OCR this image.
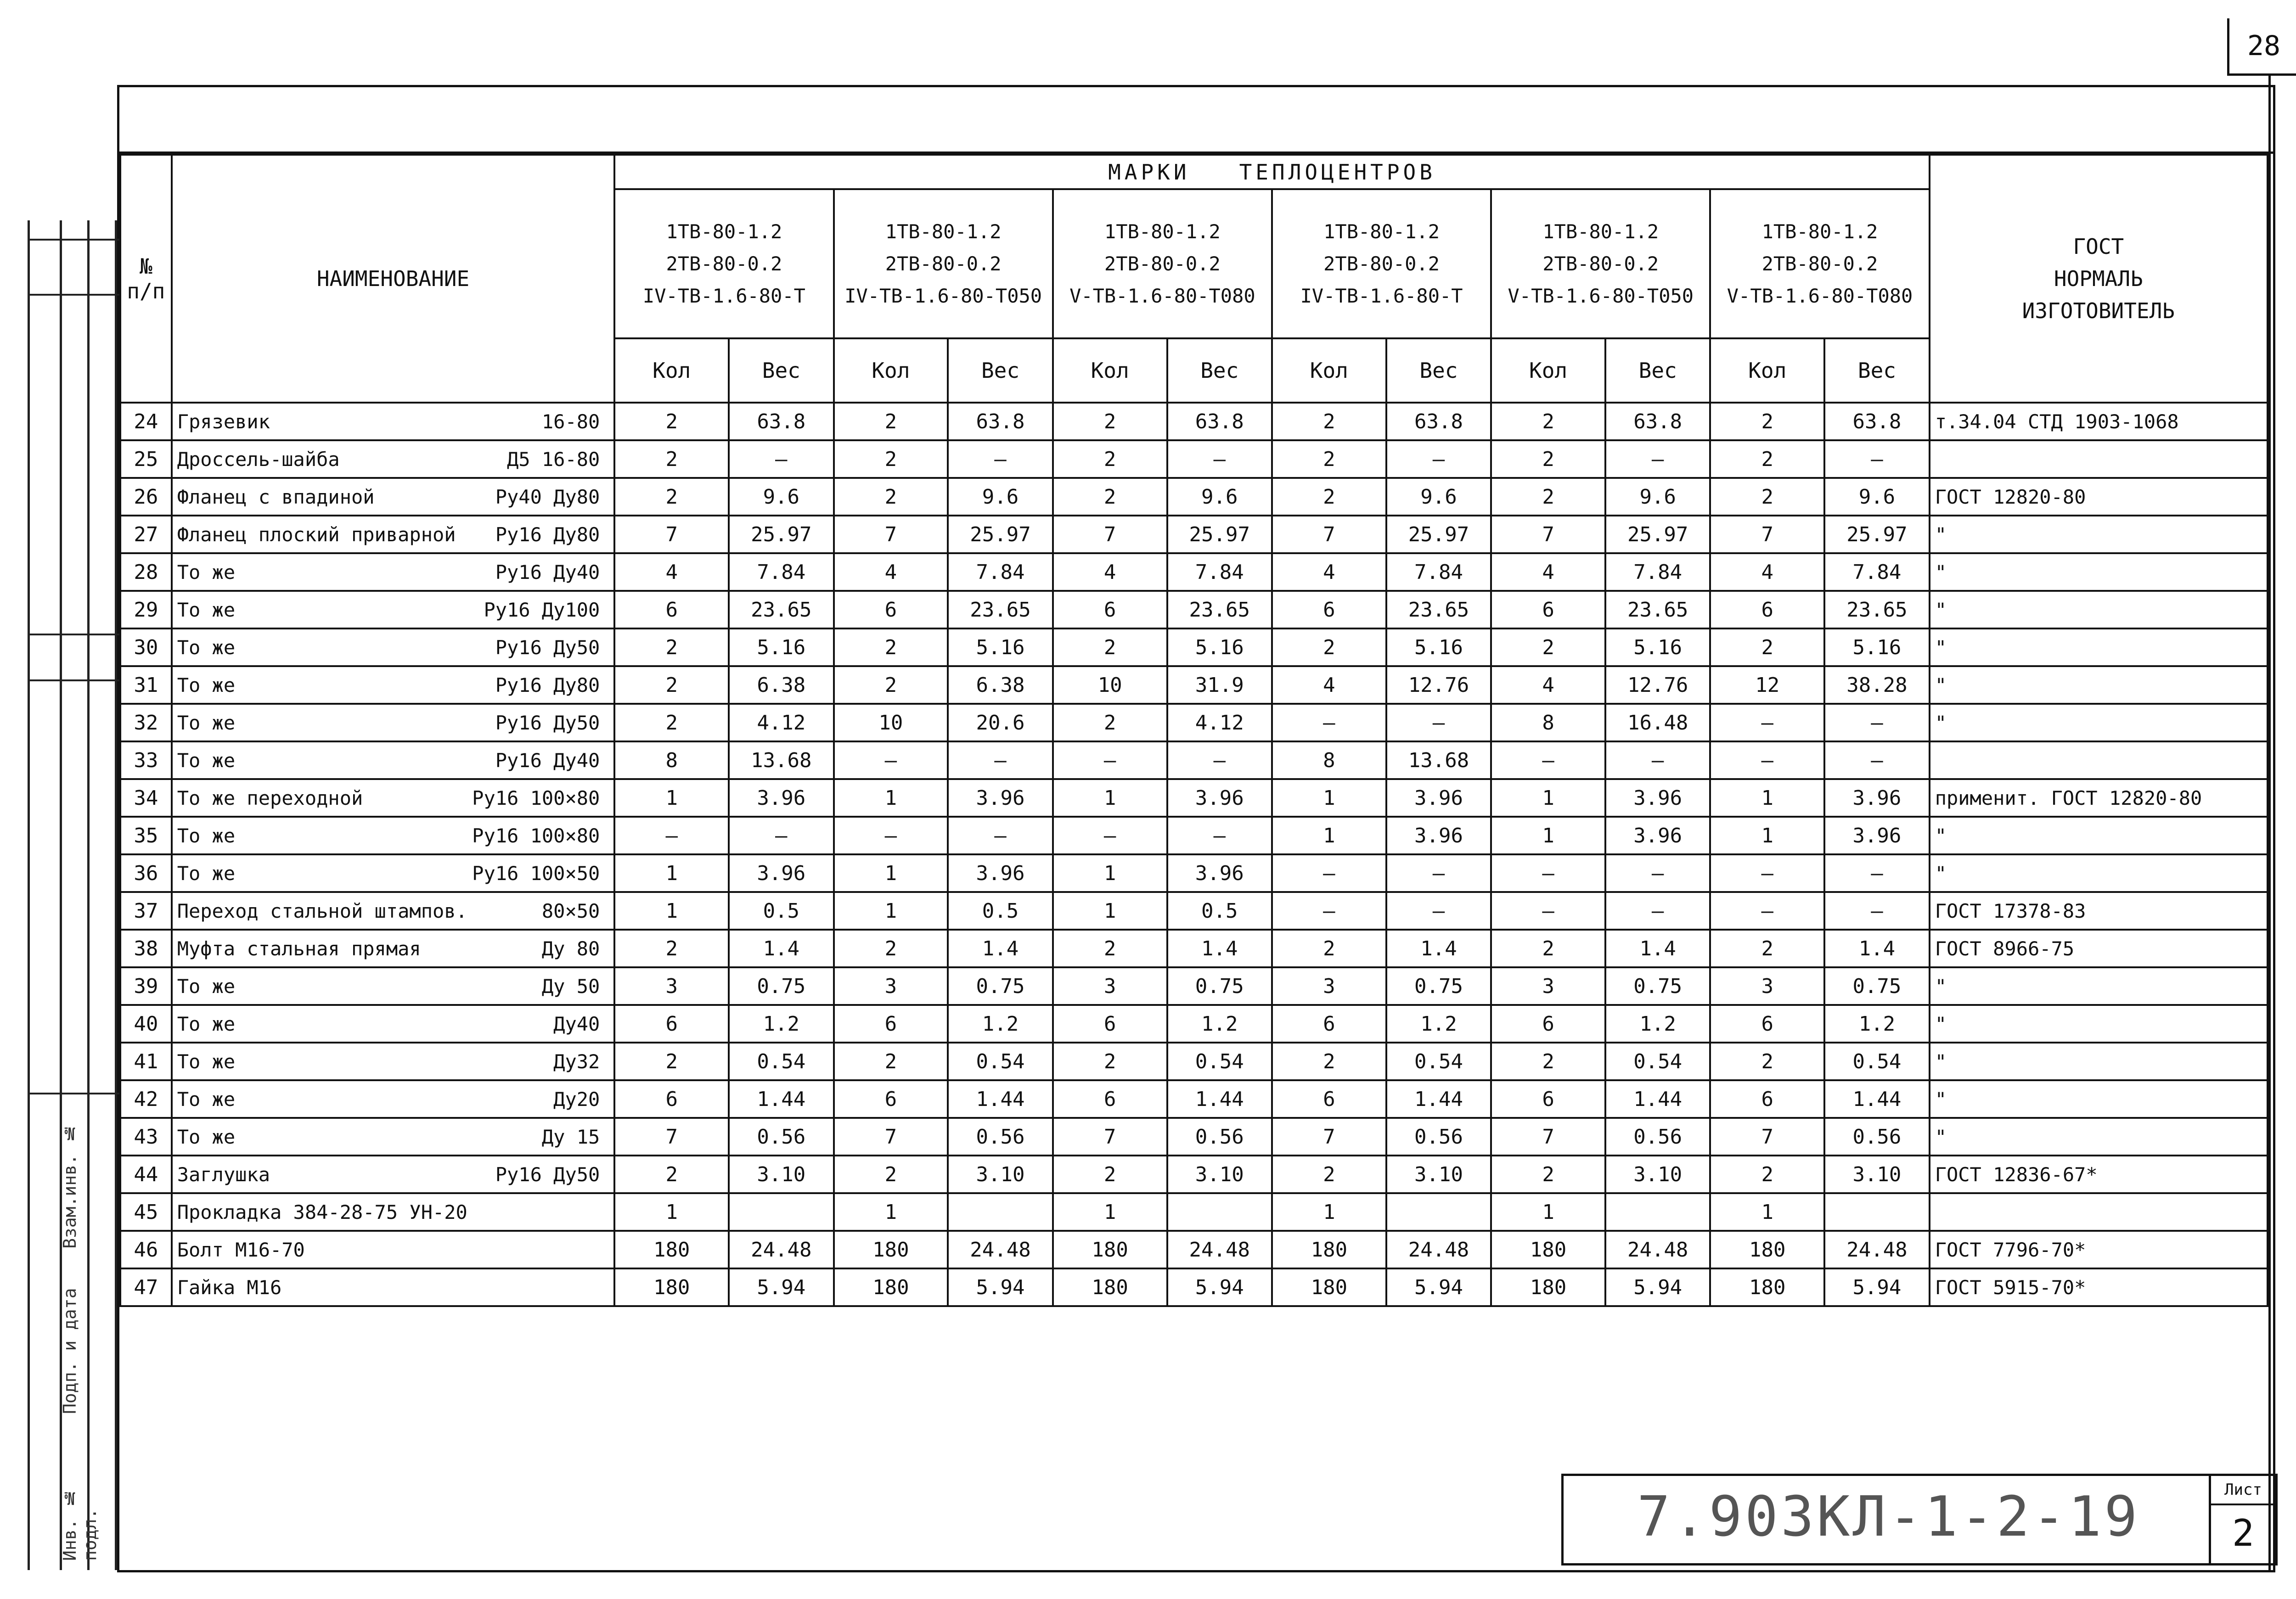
28
Взам.инв. №
Подп. и дата
Инв. № подл.
№
п/п	НАИМЕНОВАНИЕ	МАРКИ   ТЕПЛОЦЕНТРОВ												ГОСТ
НОРМАЛЬ
ИЗГОТОВИТЕЛЬ
		1ТВ-80-1.2
2ТВ-80-0.2
IV-ТВ-1.6-80-Т		1ТВ-80-1.2
2ТВ-80-0.2
IV-ТВ-1.6-80-Т050		1ТВ-80-1.2
2ТВ-80-0.2
V-ТВ-1.6-80-Т080		1ТВ-80-1.2
2ТВ-80-0.2
IV-ТВ-1.6-80-Т		1ТВ-80-1.2
2ТВ-80-0.2
V-ТВ-1.6-80-Т050		1ТВ-80-1.2
2ТВ-80-0.2
V-ТВ-1.6-80-Т080		
		Кол	Вес	Кол	Вес	Кол	Вес	Кол	Вес	Кол	Вес	Кол	Вес	
24	Грязевик 16-80	2	63.8	2	63.8	2	63.8	2	63.8	2	63.8	2	63.8	т.34.04 СТД 1903-1068
25	Дроссель-шайба Д5 16-80	2	—	2	—	2	—	2	—	2	—	2	—	
26	Фланец с впадиной Ру40 Ду80	2	9.6	2	9.6	2	9.6	2	9.6	2	9.6	2	9.6	ГОСТ 12820-80
27	Фланец плоский приварной Ру16 Ду80	7	25.97	7	25.97	7	25.97	7	25.97	7	25.97	7	25.97	"
28	То же Ру16 Ду40	4	7.84	4	7.84	4	7.84	4	7.84	4	7.84	4	7.84	"
29	То же Ру16 Ду100	6	23.65	6	23.65	6	23.65	6	23.65	6	23.65	6	23.65	"
30	То же Ру16 Ду50	2	5.16	2	5.16	2	5.16	2	5.16	2	5.16	2	5.16	"
31	То же Ру16 Ду80	2	6.38	2	6.38	10	31.9	4	12.76	4	12.76	12	38.28	"
32	То же Ру16 Ду50	2	4.12	10	20.6	2	4.12	—	—	8	16.48	—	—	"
33	То же Ру16 Ду40	8	13.68	—	—	—	—	8	13.68	—	—	—	—	
34	То же переходной Ру16 100×80	1	3.96	1	3.96	1	3.96	1	3.96	1	3.96	1	3.96	применит. ГОСТ 12820-80
35	То же Ру16 100×80	—	—	—	—	—	—	1	3.96	1	3.96	1	3.96	"
36	То же Ру16 100×50	1	3.96	1	3.96	1	3.96	—	—	—	—	—	—	"
37	Переход стальной штампов. 80×50	1	0.5	1	0.5	1	0.5	—	—	—	—	—	—	ГОСТ 17378-83
38	Муфта стальная прямая Ду 80	2	1.4	2	1.4	2	1.4	2	1.4	2	1.4	2	1.4	ГОСТ 8966-75
39	То же Ду 50	3	0.75	3	0.75	3	0.75	3	0.75	3	0.75	3	0.75	"
40	То же Ду40	6	1.2	6	1.2	6	1.2	6	1.2	6	1.2	6	1.2	"
41	То же Ду32	2	0.54	2	0.54	2	0.54	2	0.54	2	0.54	2	0.54	"
42	То же Ду20	6	1.44	6	1.44	6	1.44	6	1.44	6	1.44	6	1.44	"
43	То же Ду 15	7	0.56	7	0.56	7	0.56	7	0.56	7	0.56	7	0.56	"
44	Заглушка Ру16 Ду50	2	3.10	2	3.10	2	3.10	2	3.10	2	3.10	2	3.10	ГОСТ 12836-67*
45	Прокладка 384-28-75 УН-20	1		1		1		1		1		1		
46	Болт М16-70	180	24.48	180	24.48	180	24.48	180	24.48	180	24.48	180	24.48	ГОСТ 7796-70*
47	Гайка М16	180	5.94	180	5.94	180	5.94	180	5.94	180	5.94	180	5.94	ГОСТ 5915-70*
7.903КЛ-1-2-19	Лист
2
